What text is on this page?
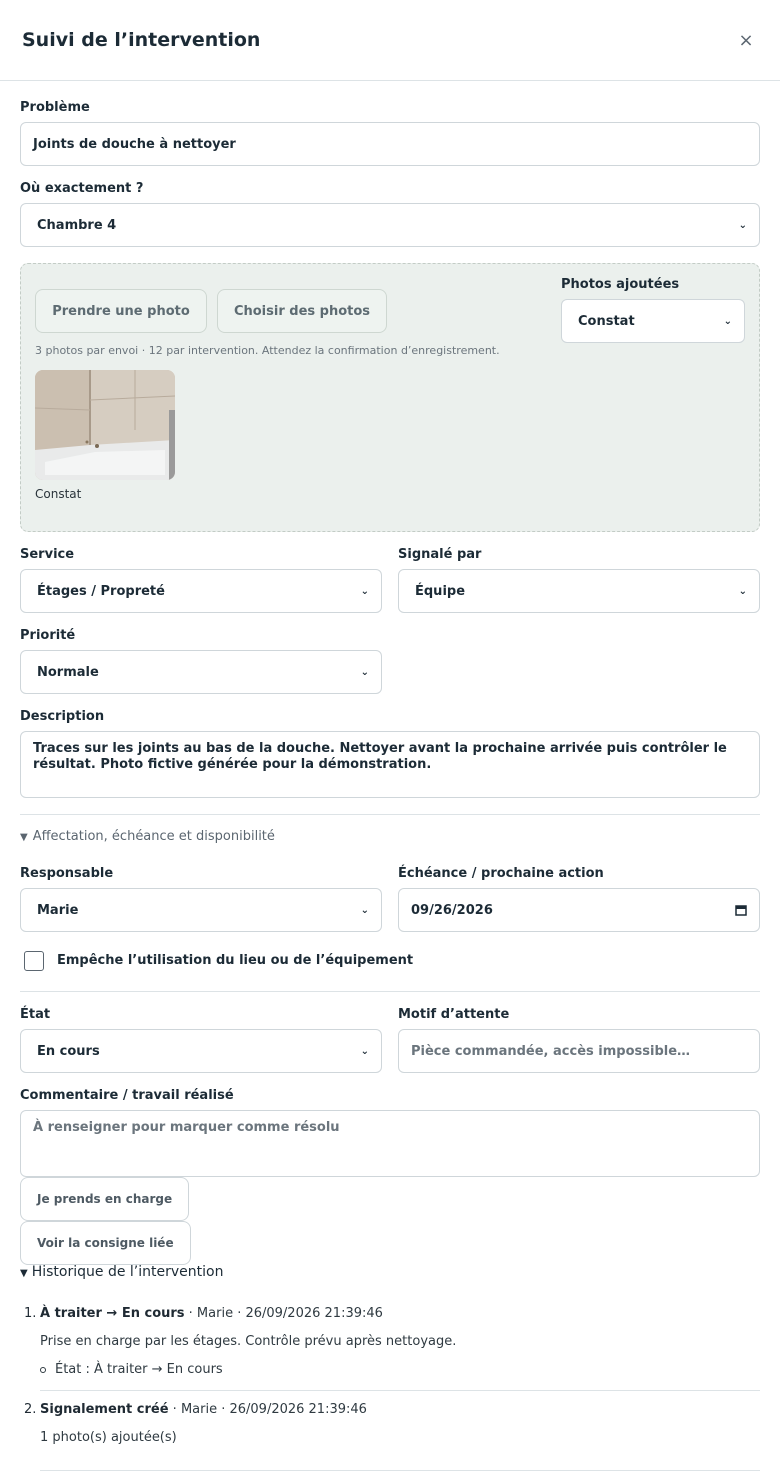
Suivi de l’intervention	×
Problème
Joints de douche à nettoyer
Où exactement ?
Chambre 4	⌄
Prendre une photo	Choisir des photos
Photos ajoutées
Constat	⌄
3 photos par envoi · 12 par intervention. Attendez la confirmation d’enregistrement.
Constat
Service
Étages / Propreté	⌄
Signalé par
Équipe	⌄
Priorité
Normale	⌄
Description
Traces sur les joints au bas de la douche. Nettoyer avant la prochaine arrivée puis contrôler le résultat. Photo fictive générée pour la démonstration.
▼ Affectation, échéance et disponibilité
Responsable
Marie	⌄
Échéance / prochaine action
09/26/2026
Empêche l’utilisation du lieu ou de l’équipement
État
En cours	⌄
Motif d’attente
Pièce commandée, accès impossible…
Commentaire / travail réalisé
À renseigner pour marquer comme résolu
Je prends en charge
Voir la consigne liée
▼ Historique de l’intervention
1. À traiter → En cours · Marie · 26/09/2026 21:39:46
Prise en charge par les étages. Contrôle prévu après nettoyage.
État : À traiter → En cours
2. Signalement créé · Marie · 26/09/2026 21:39:46
1 photo(s) ajoutée(s)
